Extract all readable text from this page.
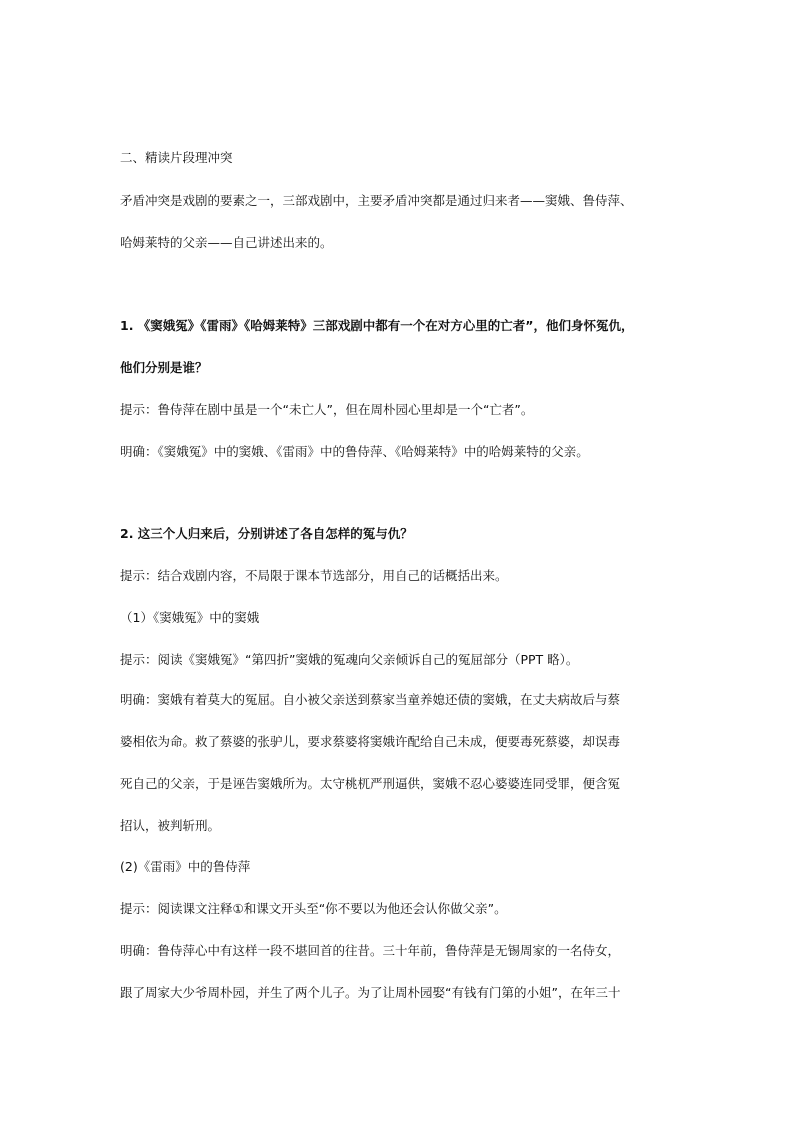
二、精读片段理冲突
矛盾冲突是戏剧的要素之一，三部戏剧中，主要矛盾冲突都是通过归来者——窦娥、鲁侍萍、
哈姆莱特的父亲——自己讲述出来的。
1. 《窦娥冤》《雷雨》《哈姆莱特》三部戏剧中都有一个在对方心里的亡者”，他们身怀冤仇，
他们分别是谁？
提示：鲁侍萍在剧中虽是一个“未亡人”，但在周朴园心里却是一个“亡者”。
明确：《窦娥冤》中的窦娥、《雷雨》中的鲁侍萍、《哈姆莱特》中的哈姆莱特的父亲。
2. 这三个人归来后，分别讲述了各自怎样的冤与仇？
提示：结合戏剧内容，不局限于课本节选部分，用自己的话概括出来。
（1）《窦娥冤》中的窦娥
提示：阅读《窦娥冤》“第四折”窦娥的冤魂向父亲倾诉自己的冤屈部分（PPT 略）。
明确：窦娥有着莫大的冤屈。自小被父亲送到蔡家当童养媳还债的窦娥，在丈夫病故后与蔡
婆相依为命。救了蔡婆的张驴儿，要求蔡婆将窦娥许配给自己未成，便要毒死蔡婆，却误毒
死自己的父亲，于是诬告窦娥所为。太守桃杌严刑逼供，窦娥不忍心婆婆连同受罪，便含冤
招认，被判斩刑。
(2)《雷雨》中的鲁侍萍
提示：阅读课文注释①和课文开头至“你不要以为他还会认你做父亲”。
明确：鲁侍萍心中有这样一段不堪回首的往昔。三十年前，鲁侍萍是无锡周家的一名侍女，
跟了周家大少爷周朴园，并生了两个儿子。为了让周朴园娶“有钱有门第的小姐”，在年三十
